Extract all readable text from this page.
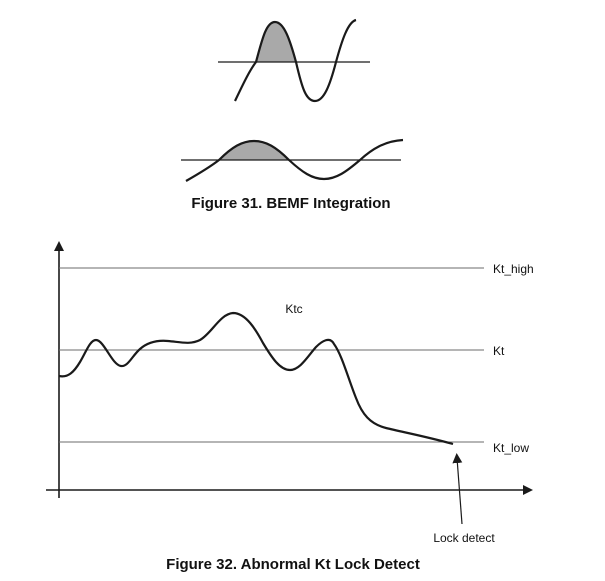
Figure 31. BEMF Integration
Kt_high
Kt
Kt_low
Ktc
Lock detect
Figure 32. Abnormal Kt Lock Detect
